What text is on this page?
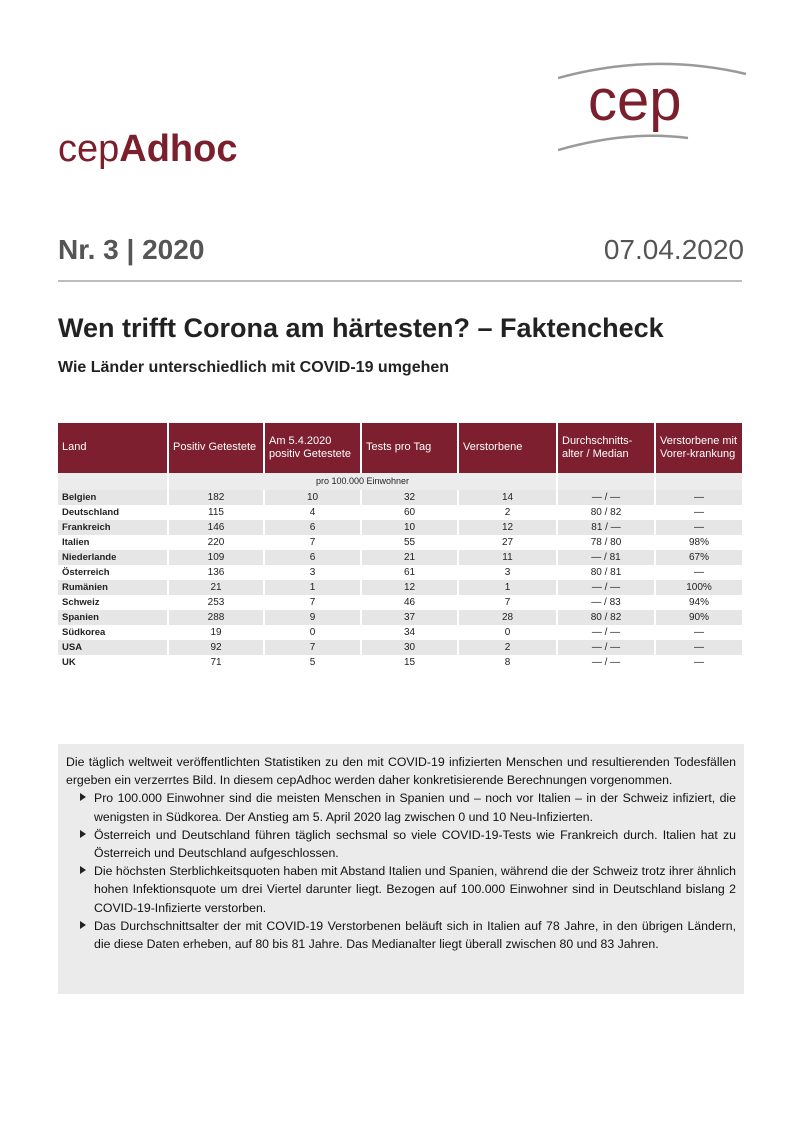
cep
cepAdhoc
Nr. 3 | 2020	07.04.2020
Wen trifft Corona am härtesten? – Faktencheck
Wie Länder unterschiedlich mit COVID-19 umgehen
Land	Positiv Getestete	Am 5.4.2020 positiv Getestete	Tests pro Tag	Verstorbene	Durchschnitts-alter / Median	Verstorbene mit Vorer-krankung
	pro 100.000 Einwohner					
Belgien	182	10	32	14	— / —	—
Deutschland	115	4	60	2	80 / 82	—
Frankreich	146	6	10	12	81 / —	—
Italien	220	7	55	27	78 / 80	98%
Niederlande	109	6	21	11	— / 81	67%
Österreich	136	3	61	3	80 / 81	—
Rumänien	21	1	12	1	— / —	100%
Schweiz	253	7	46	7	— / 83	94%
Spanien	288	9	37	28	80 / 82	90%
Südkorea	19	0	34	0	— / —	—
USA	92	7	30	2	— / —	—
UK	71	5	15	8	— / —	—

Die täglich weltweit veröffentlichten Statistiken zu den mit COVID-19 infizierten Menschen und resultierenden Todesfällen ergeben ein verzerrtes Bild. In diesem cepAdhoc werden daher konkretisierende Berechnungen vorgenommen.

Pro 100.000 Einwohner sind die meisten Menschen in Spanien und – noch vor Italien – in der Schweiz infiziert, die wenigsten in Südkorea. Der Anstieg am 5. April 2020 lag zwischen 0 und 10 Neu-Infizierten.
Österreich und Deutschland führen täglich sechsmal so viele COVID-19-Tests wie Frankreich durch. Italien hat zu Österreich und Deutschland aufgeschlossen.
Die höchsten Sterblichkeitsquoten haben mit Abstand Italien und Spanien, während die der Schweiz trotz ihrer ähnlich hohen Infektionsquote um drei Viertel darunter liegt. Bezogen auf 100.000 Einwohner sind in Deutschland bislang 2 COVID-19-Infizierte verstorben.
Das Durchschnittsalter der mit COVID-19 Verstorbenen beläuft sich in Italien auf 78 Jahre, in den übrigen Ländern, die diese Daten erheben, auf 80 bis 81 Jahre. Das Medianalter liegt überall zwischen 80 und 83 Jahren.
